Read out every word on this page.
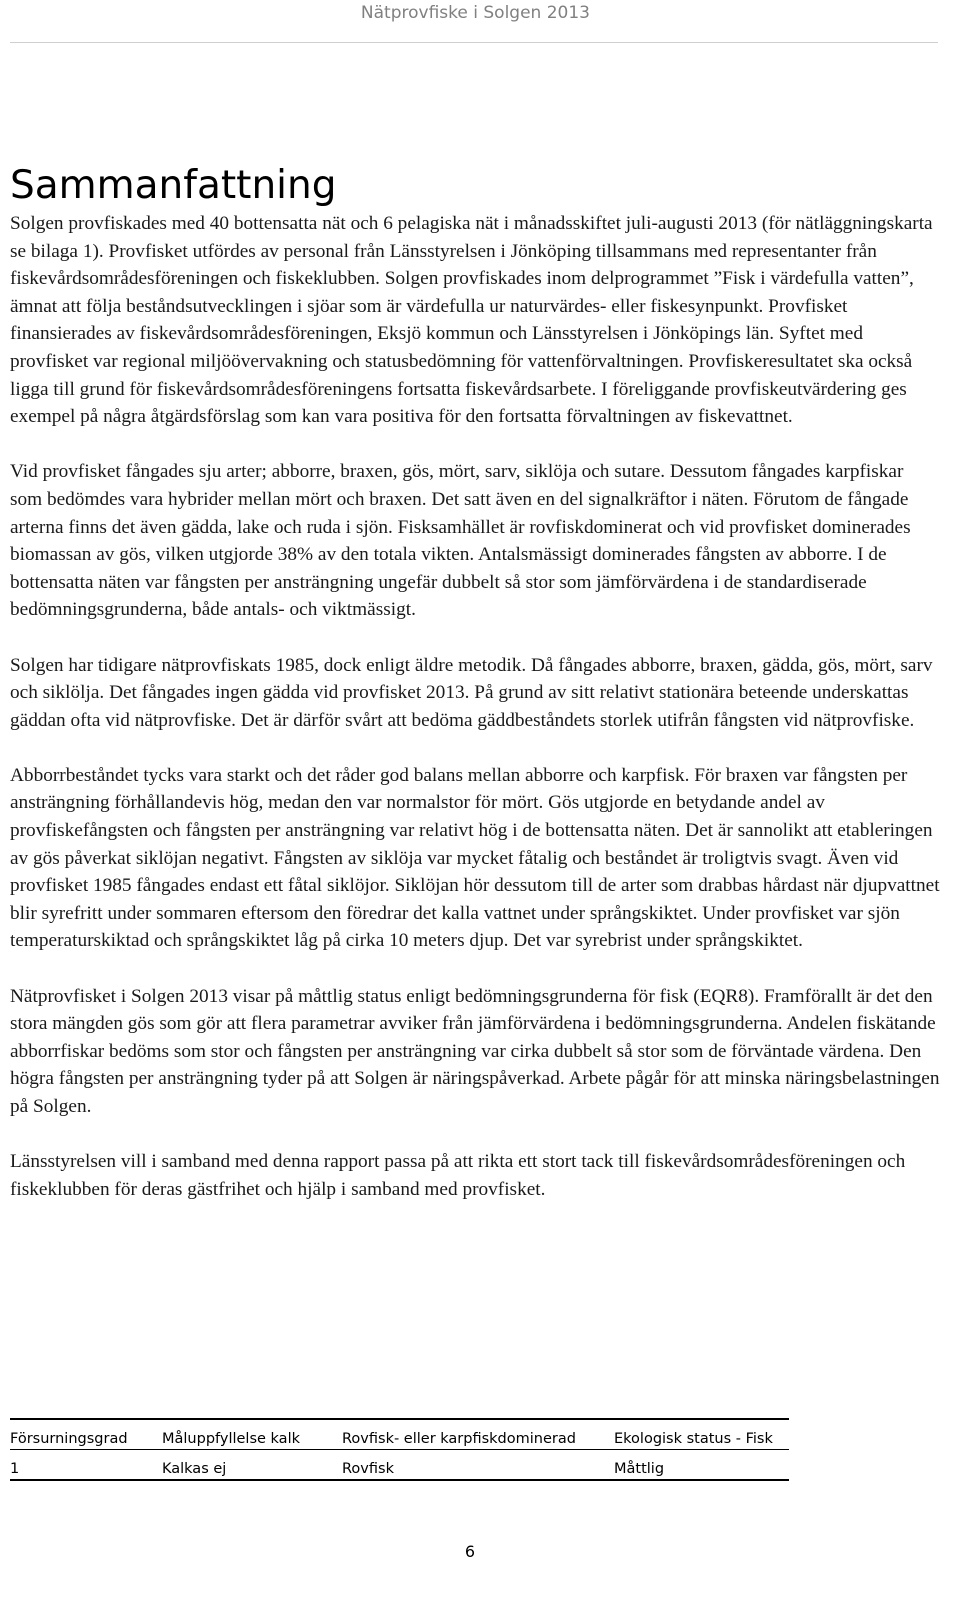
Nätprovfiske i Solgen 2013
Sammanfattning

Solgen provfiskades med 40 bottensatta nät och 6 pelagiska nät i månadsskiftet juli-augusti 2013 (för nätläggningskarta se bilaga 1). Provfisket utfördes av personal från Länsstyrelsen i Jönköping tillsammans med representanter från fiskevårdsområdesföreningen och fiskeklubben. Solgen provfiskades inom delprogrammet ”Fisk i värdefulla vatten”, ämnat att följa beståndsutvecklingen i sjöar som är värdefulla ur naturvärdes- eller fiskesynpunkt. Provfisket finansierades av fiskevårdsområdesföreningen, Eksjö kommun och Länsstyrelsen i Jönköpings län. Syftet med provfisket var regional miljöövervakning och statusbedömning för vattenförvaltningen. Provfiskeresultatet ska också ligga till grund för fiskevårdsområdesföreningens fortsatta fiskevårdsarbete. I föreliggande provfiskeutvärdering ges exempel på några åtgärdsförslag som kan vara positiva för den fortsatta förvaltningen av fiskevattnet.

Vid provfisket fångades sju arter; abborre, braxen, gös, mört, sarv, siklöja och sutare. Dessutom fångades karpfiskar som bedömdes vara hybrider mellan mört och braxen. Det satt även en del signalkräftor i näten. Förutom de fångade arterna finns det även gädda, lake och ruda i sjön. Fisksamhället är rovfiskdominerat och vid provfisket dominerades biomassan av gös, vilken utgjorde 38% av den totala vikten. Antalsmässigt dominerades fångsten av abborre. I de bottensatta näten var fångsten per ansträngning ungefär dubbelt så stor som jämförvärdena i de standardiserade bedömningsgrunderna, både antals- och viktmässigt.

Solgen har tidigare nätprovfiskats 1985, dock enligt äldre metodik. Då fångades abborre, braxen, gädda, gös, mört, sarv och siklölja. Det fångades ingen gädda vid provfisket 2013. På grund av sitt relativt stationära beteende underskattas gäddan ofta vid nätprovfiske. Det är därför svårt att bedöma gäddbeståndets storlek utifrån fångsten vid nätprovfiske.

Abborrbeståndet tycks vara starkt och det råder god balans mellan abborre och karpfisk. För braxen var fångsten per ansträngning förhållandevis hög, medan den var normalstor för mört. Gös utgjorde en betydande andel av provfiskefångsten och fångsten per ansträngning var relativt hög i de bottensatta näten. Det är sannolikt att etableringen av gös påverkat siklöjan negativt. Fångsten av siklöja var mycket fåtalig och beståndet är troligtvis svagt. Även vid provfisket 1985 fångades endast ett fåtal siklöjor. Siklöjan hör dessutom till de arter som drabbas hårdast när djupvattnet blir syrefritt under sommaren eftersom den föredrar det kalla vattnet under språngskiktet. Under provfisket var sjön temperaturskiktad och språngskiktet låg på cirka 10 meters djup. Det var syrebrist under språngskiktet.

Nätprovfisket i Solgen 2013 visar på måttlig status enligt bedömningsgrunderna för fisk (EQR8). Framförallt är det den stora mängden gös som gör att flera parametrar avviker från jämförvärdena i bedömningsgrunderna. Andelen fiskätande abborrfiskar bedöms som stor och fångsten per ansträngning var cirka dubbelt så stor som de förväntade värdena. Den högra fångsten per ansträngning tyder på att Solgen är näringspåverkad. Arbete pågår för att minska näringsbelastningen på Solgen.

Länsstyrelsen vill i samband med denna rapport passa på att rikta ett stort tack till fiskevårdsområdesföreningen och fiskeklubben för deras gästfrihet och hjälp i samband med provfisket.

Försurningsgrad	Måluppfyllelse kalk	Rovfisk- eller karpfiskdominerad	Ekologisk status - Fisk
1	Kalkas ej	Rovfisk	Måttlig
6
